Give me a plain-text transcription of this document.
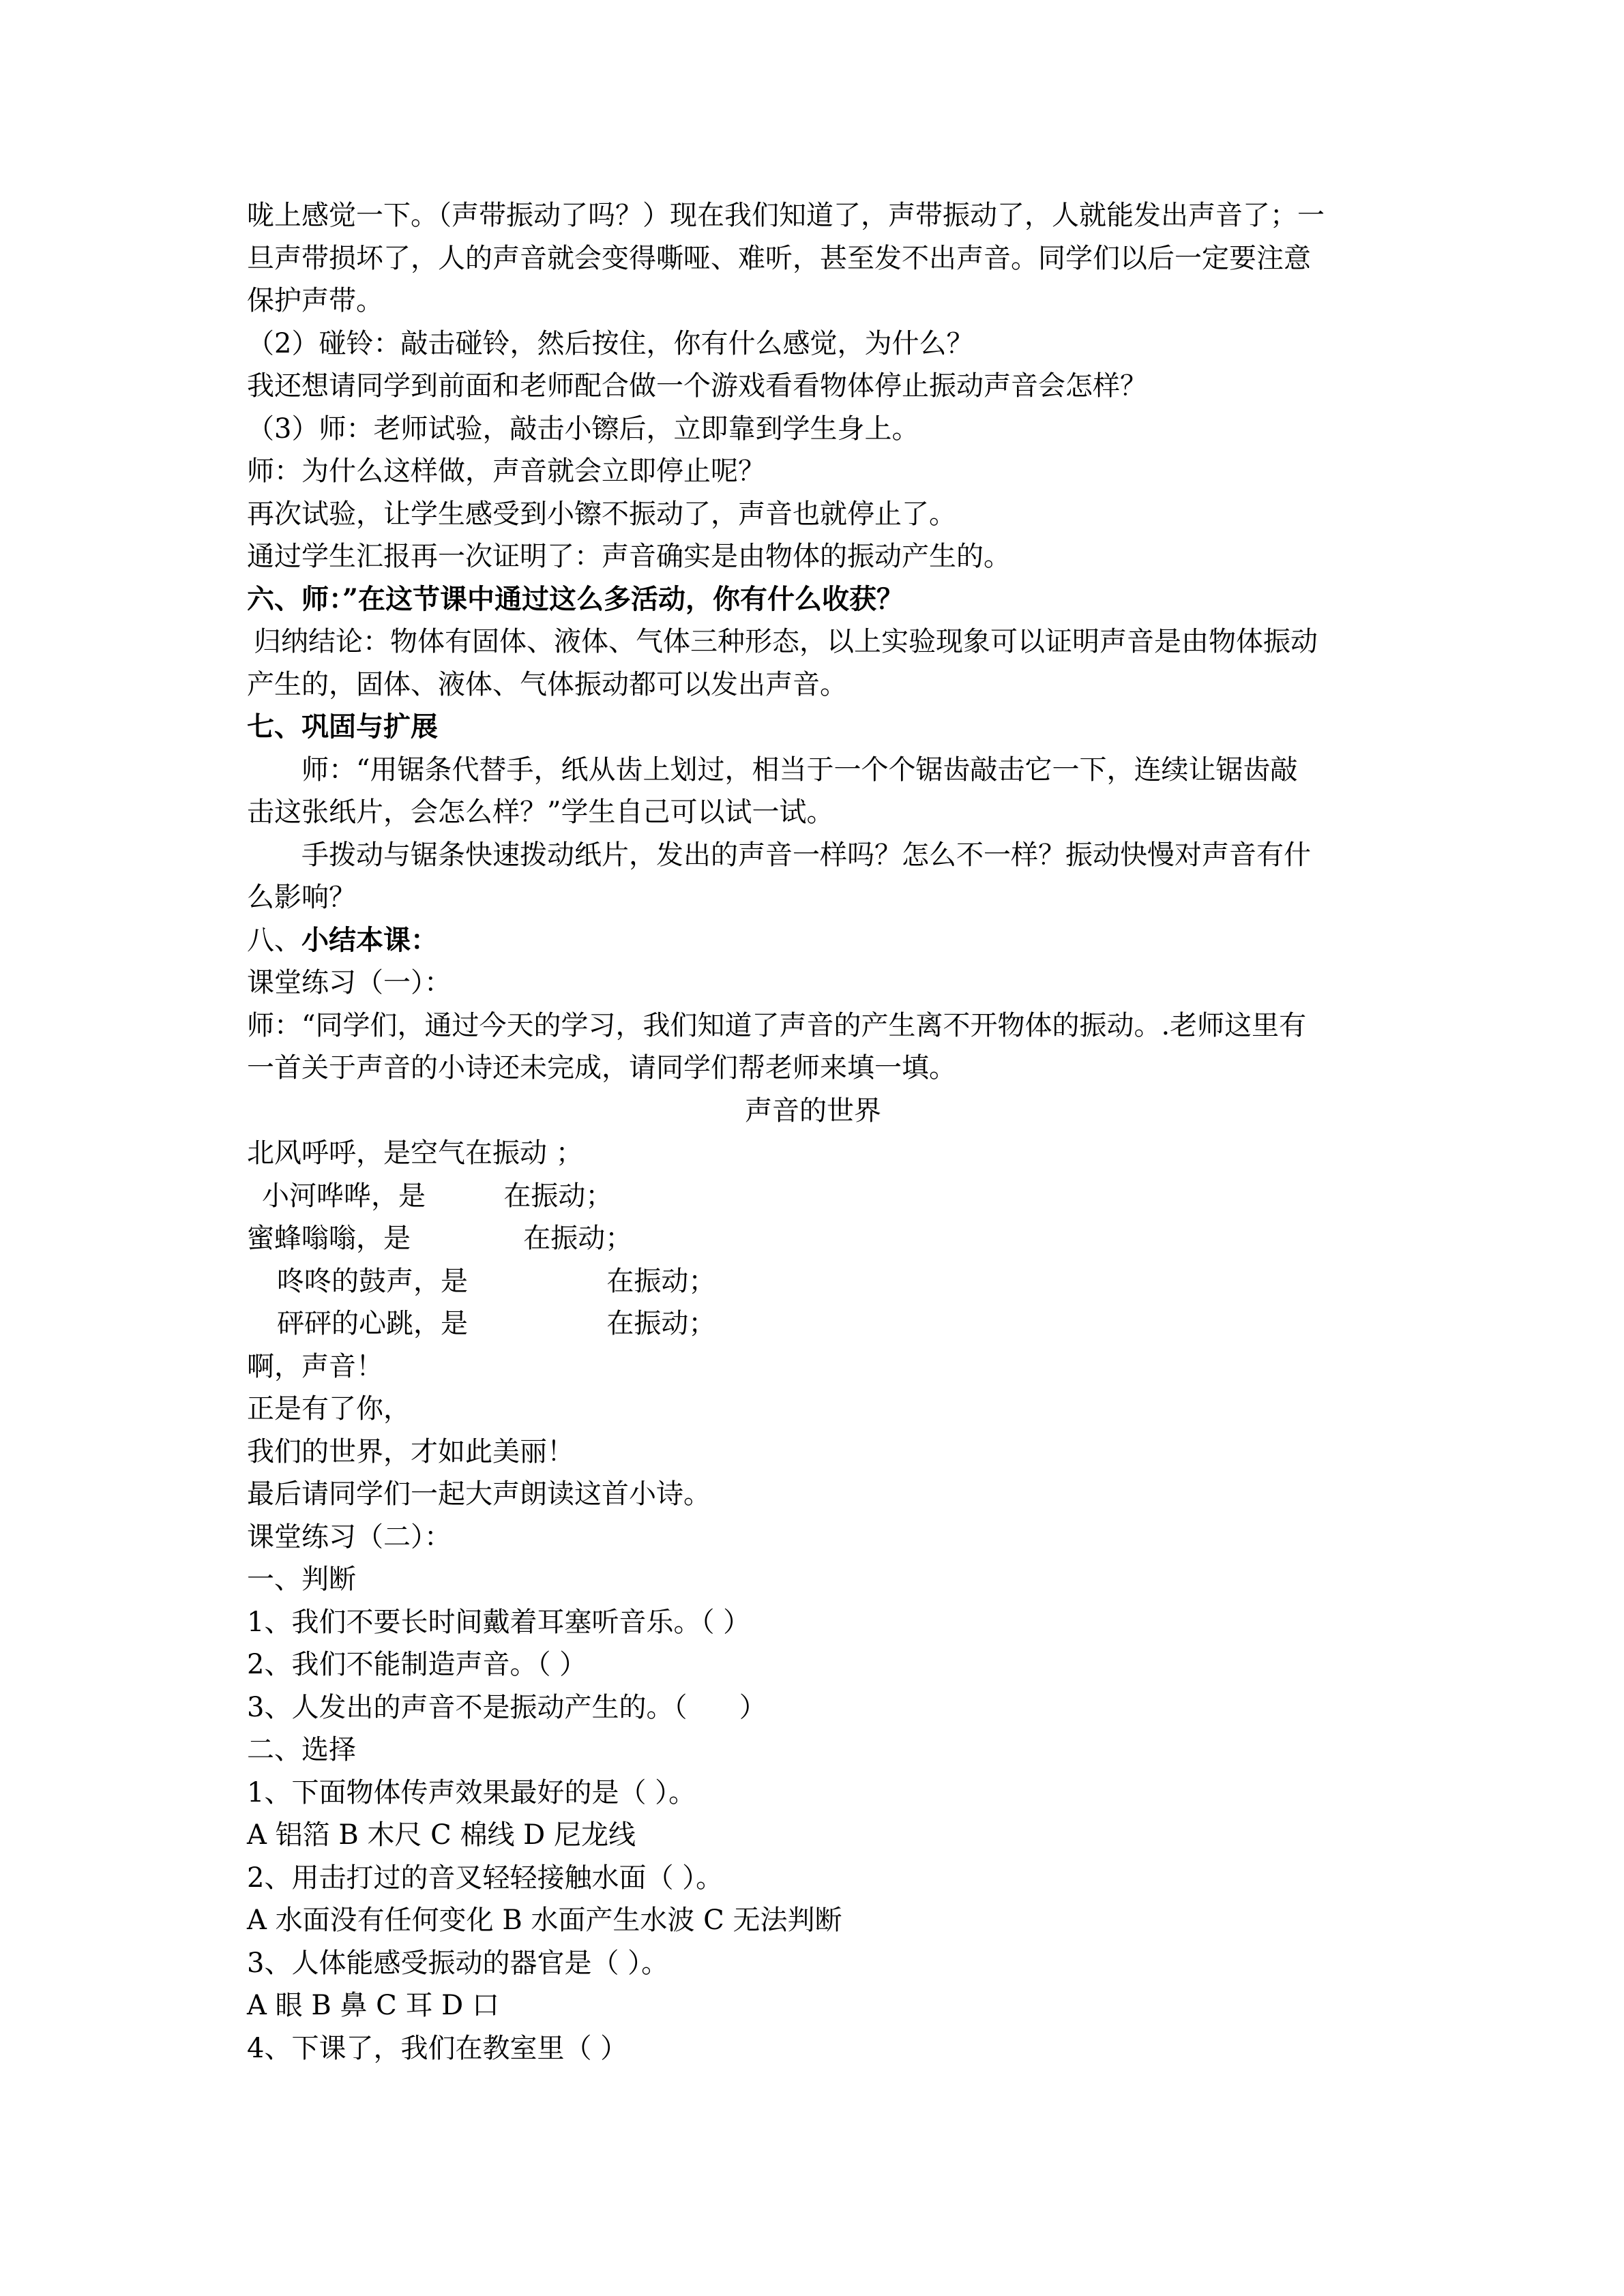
咙上感觉一下。（声带振动了吗？）现在我们知道了，声带振动了，人就能发出声音了；一
旦声带损坏了，人的声音就会变得嘶哑、难听，甚至发不出声音。同学们以后一定要注意
保护声带。
（2）碰铃：敲击碰铃，然后按住，你有什么感觉，为什么？
我还想请同学到前面和老师配合做一个游戏看看物体停止振动声音会怎样？
（3）师：老师试验，敲击小镲后，立即靠到学生身上。
师：为什么这样做，声音就会立即停止呢？
再次试验，让学生感受到小镲不振动了，声音也就停止了。
通过学生汇报再一次证明了：声音确实是由物体的振动产生的。
六、师：”在这节课中通过这么多活动，你有什么收获？
归纳结论：物体有固体、液体、气体三种形态，以上实验现象可以证明声音是由物体振动
产生的，固体、液体、气体振动都可以发出声音。
七、巩固与扩展
师：“用锯条代替手，纸从齿上划过，相当于一个个锯齿敲击它一下，连续让锯齿敲
击这张纸片，会怎么样？”学生自己可以试一试。
手拨动与锯条快速拨动纸片，发出的声音一样吗？怎么不一样？振动快慢对声音有什
么影响？
八、小结本课：
课堂练习（一）：
师：“同学们，通过今天的学习，我们知道了声音的产生离不开物体的振动。.老师这里有
一首关于声音的小诗还未完成，请同学们帮老师来填一填。
声音的世界
北风呼呼，是空气在振动 ；
小河哗哗，是         在振动；
蜜蜂嗡嗡，是             在振动；
咚咚的鼓声，是                在振动；
砰砰的心跳，是                在振动；
啊，声音！
正是有了你，
我们的世界，才如此美丽！
最后请同学们一起大声朗读这首小诗。
课堂练习（二）：
一、判断
1、我们不要长时间戴着耳塞听音乐。（ ）
2、我们不能制造声音。（ ）
3、人发出的声音不是振动产生的。（      ）
二、选择
1、下面物体传声效果最好的是（ ）。
A 铝箔 B 木尺 C 棉线 D 尼龙线
2、用击打过的音叉轻轻接触水面（ ）。
A 水面没有任何变化 B 水面产生水波 C 无法判断
3、人体能感受振动的器官是（ ）。
A 眼 B 鼻 C 耳 D 口
4、下课了，我们在教室里（ ）
